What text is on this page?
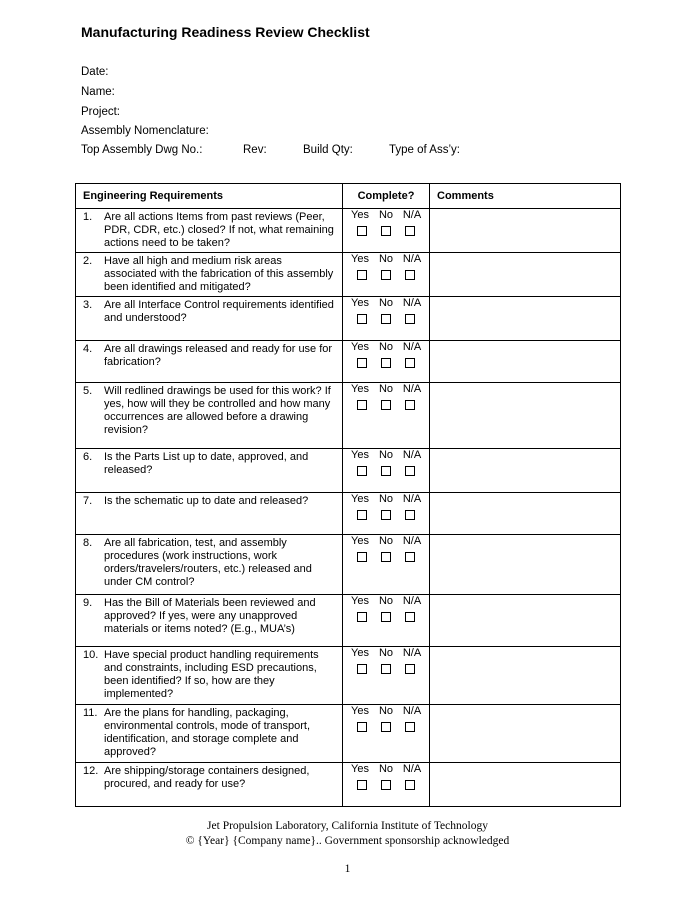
Manufacturing Readiness Review Checklist
Date:
Name:
Project:
Assembly Nomenclature:
Top Assembly Dwg No.:	Rev:	Build Qty:	Type of Ass’y:
Engineering Requirements	Complete?	Comments

1. Are all actions Items from past reviews (Peer, PDR, CDR, etc.) closed? If not, what remaining actions need to be taken?	Yes No N/A	

2. Have all high and medium risk areas associated with the fabrication of this assembly been identified and mitigated?	Yes No N/A	

3. Are all Interface Control requirements identified and understood?	Yes No N/A	

4. Are all drawings released and ready for use for fabrication?	Yes No N/A	

5. Will redlined drawings be used for this work? If yes, how will they be controlled and how many occurrences are allowed before a drawing revision?	Yes No N/A	

6. Is the Parts List up to date, approved, and released?	Yes No N/A	

7. Is the schematic up to date and released?	Yes No N/A	

8. Are all fabrication, test, and assembly procedures (work instructions, work orders/travelers/routers, etc.) released and under CM control?	Yes No N/A	

9. Has the Bill of Materials been reviewed and approved? If yes, were any unapproved materials or items noted? (E.g., MUA’s)	Yes No N/A	

10. Have special product handling requirements and constraints, including ESD precautions, been identified? If so, how are they implemented?	Yes No N/A	

11. Are the plans for handling, packaging, environmental controls, mode of transport, identification, and storage complete and approved?	Yes No N/A	

12. Are shipping/storage containers designed, procured, and ready for use?	Yes No N/A	

Jet Propulsion Laboratory, California Institute of Technology
© {Year} {Company name}.. Government sponsorship acknowledged
1
